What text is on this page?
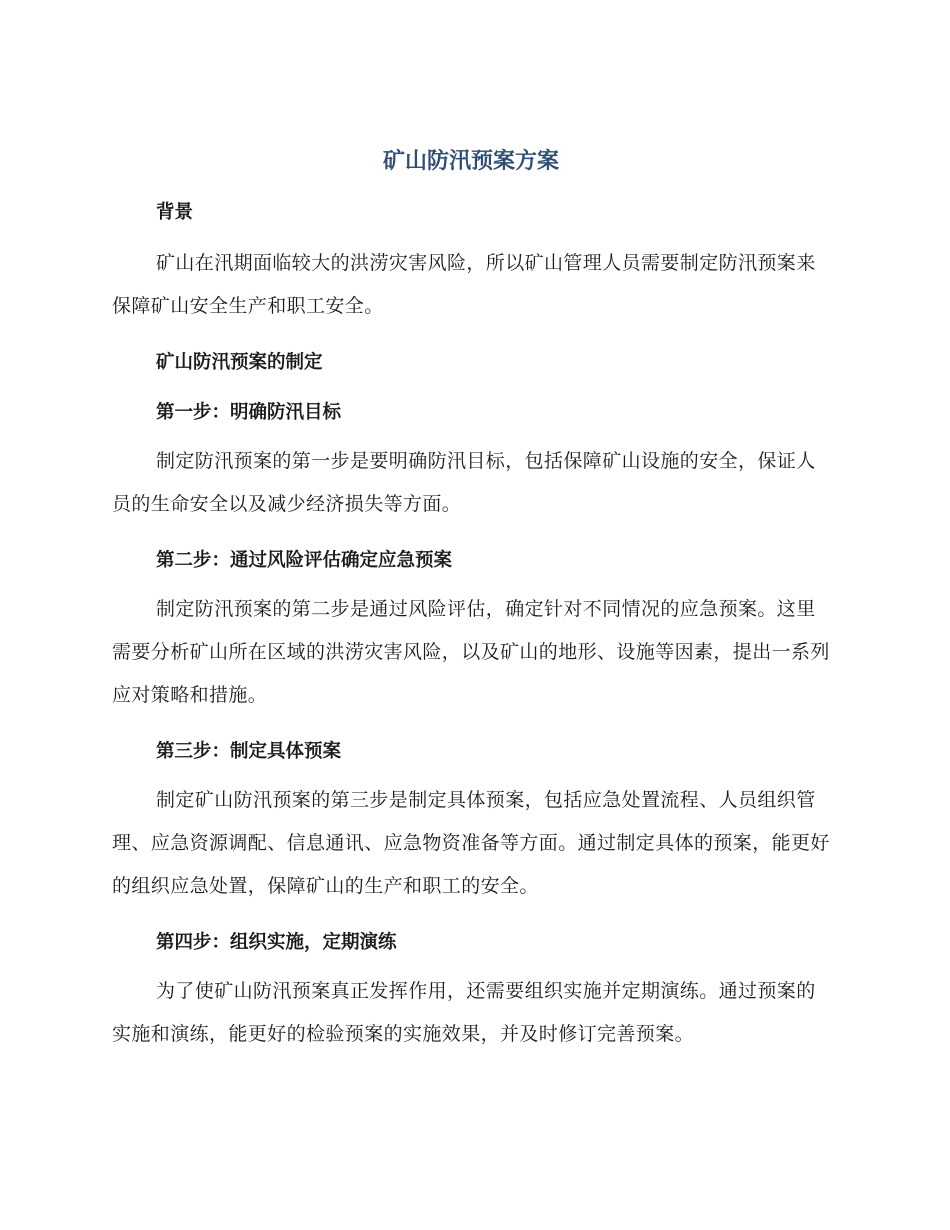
矿山防汛预案方案

背景

矿山在汛期面临较大的洪涝灾害风险，所以矿山管理人员需要制定防汛预案来保障矿山安全生产和职工安全。

矿山防汛预案的制定

第一步：明确防汛目标

制定防汛预案的第一步是要明确防汛目标，包括保障矿山设施的安全，保证人员的生命安全以及减少经济损失等方面。

第二步：通过风险评估确定应急预案

制定防汛预案的第二步是通过风险评估，确定针对不同情况的应急预案。这里需要分析矿山所在区域的洪涝灾害风险，以及矿山的地形、设施等因素，提出一系列应对策略和措施。

第三步：制定具体预案

制定矿山防汛预案的第三步是制定具体预案，包括应急处置流程、人员组织管理、应急资源调配、信息通讯、应急物资准备等方面。通过制定具体的预案，能更好的组织应急处置，保障矿山的生产和职工的安全。

第四步：组织实施，定期演练

为了使矿山防汛预案真正发挥作用，还需要组织实施并定期演练。通过预案的实施和演练，能更好的检验预案的实施效果，并及时修订完善预案。
